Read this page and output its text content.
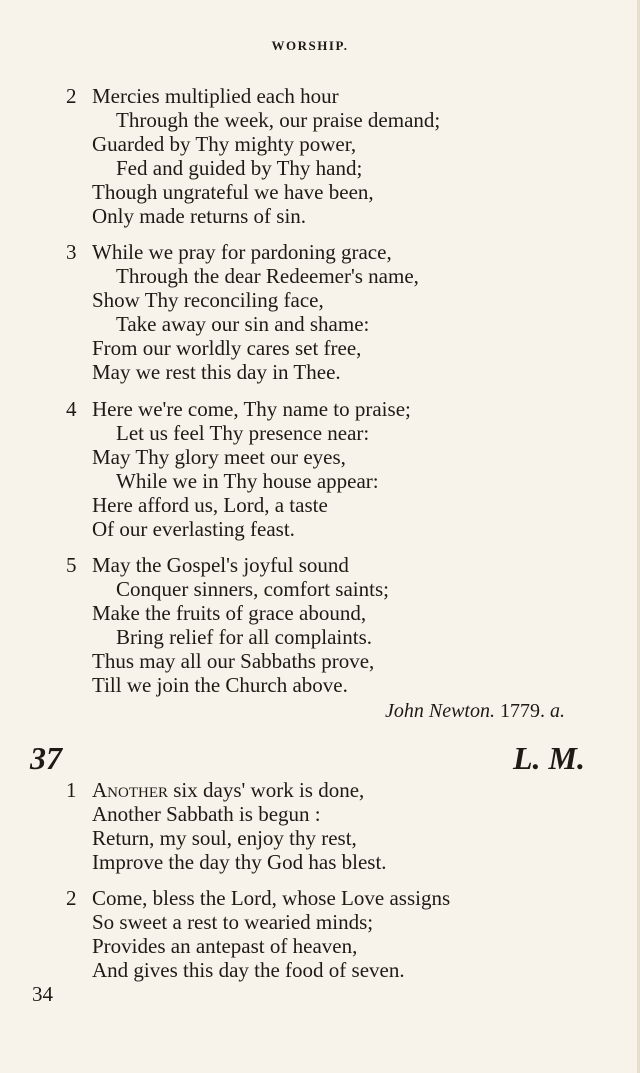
WORSHIP.
2 Mercies multiplied each hour
Through the week, our praise demand;
Guarded by Thy mighty power,
Fed and guided by Thy hand;
Though ungrateful we have been,
Only made returns of sin.
3 While we pray for pardoning grace,
Through the dear Redeemer's name,
Show Thy reconciling face,
Take away our sin and shame:
From our worldly cares set free,
May we rest this day in Thee.
4 Here we're come, Thy name to praise;
Let us feel Thy presence near:
May Thy glory meet our eyes,
While we in Thy house appear:
Here afford us, Lord, a taste
Of our everlasting feast.
5 May the Gospel's joyful sound
Conquer sinners, comfort saints;
Make the fruits of grace abound,
Bring relief for all complaints.
Thus may all our Sabbaths prove,
Till we join the Church above.
John Newton. 1779. a.
37	L. M.
1 Another six days' work is done,
Another Sabbath is begun :
Return, my soul, enjoy thy rest,
Improve the day thy God has blest.
2 Come, bless the Lord, whose Love assigns
So sweet a rest to wearied minds;
Provides an antepast of heaven,
And gives this day the food of seven.
34
